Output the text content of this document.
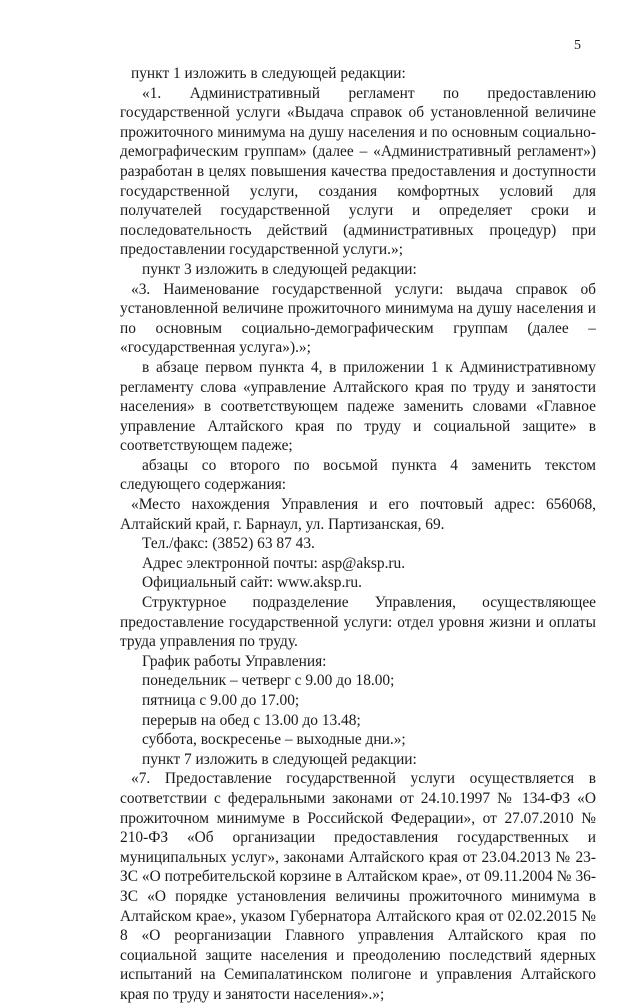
5

пункт 1 изложить в следующей редакции:

«1. Административный регламент по предоставлению государственной услуги «Выдача справок об установленной величине прожиточного минимума на душу населения и по основным социально-демографическим группам» (далее – «Административный регламент») разработан в целях повышения качества предоставления и доступности государственной услуги, создания комфортных условий для получателей государственной услуги и определяет сроки и последовательность действий (административных процедур) при предоставлении государственной услуги.»;

пункт 3 изложить в следующей редакции:

«3. Наименование государственной услуги: выдача справок об установленной величине прожиточного минимума на душу населения и по основным социально-демографическим группам (далее – «государственная услуга»).»;

в абзаце первом пункта 4, в приложении 1 к Административному регламенту слова «управление Алтайского края по труду и занятости населения» в соответствующем падеже заменить словами «Главное управление Алтайского края по труду и социальной защите» в соответствующем падеже;

абзацы со второго по восьмой пункта 4 заменить текстом следующего содержания:

«Место нахождения Управления и его почтовый адрес: 656068, Алтайский край, г. Барнаул, ул. Партизанская, 69.

Тел./факс: (3852) 63 87 43.

Адрес электронной почты: asp@aksp.ru.

Официальный сайт: www.aksp.ru.

Структурное подразделение Управления, осуществляющее предоставление государственной услуги: отдел уровня жизни и оплаты труда управления по труду.

График работы Управления:

понедельник – четверг с 9.00 до 18.00;

пятница с 9.00 до 17.00;

перерыв на обед с 13.00 до 13.48;

суббота, воскресенье – выходные дни.»;

пункт 7 изложить в следующей редакции:

«7. Предоставление государственной услуги осуществляется в соответствии с федеральными законами от 24.10.1997 № 134-ФЗ «О прожиточном минимуме в Российской Федерации», от 27.07.2010 № 210-ФЗ «Об организации предоставления государственных и муниципальных услуг», законами Алтайского края от 23.04.2013 № 23-ЗС «О потребительской корзине в Алтайском крае», от 09.11.2004 № 36-ЗС «О порядке установления величины прожиточного минимума в Алтайском крае», указом Губернатора Алтайского края от 02.02.2015 № 8 «О реорганизации Главного управления Алтайского края по социальной защите населения и преодолению последствий ядерных испытаний на Семипалатинском полигоне и управления Алтайского края по труду и занятости населения».»;
